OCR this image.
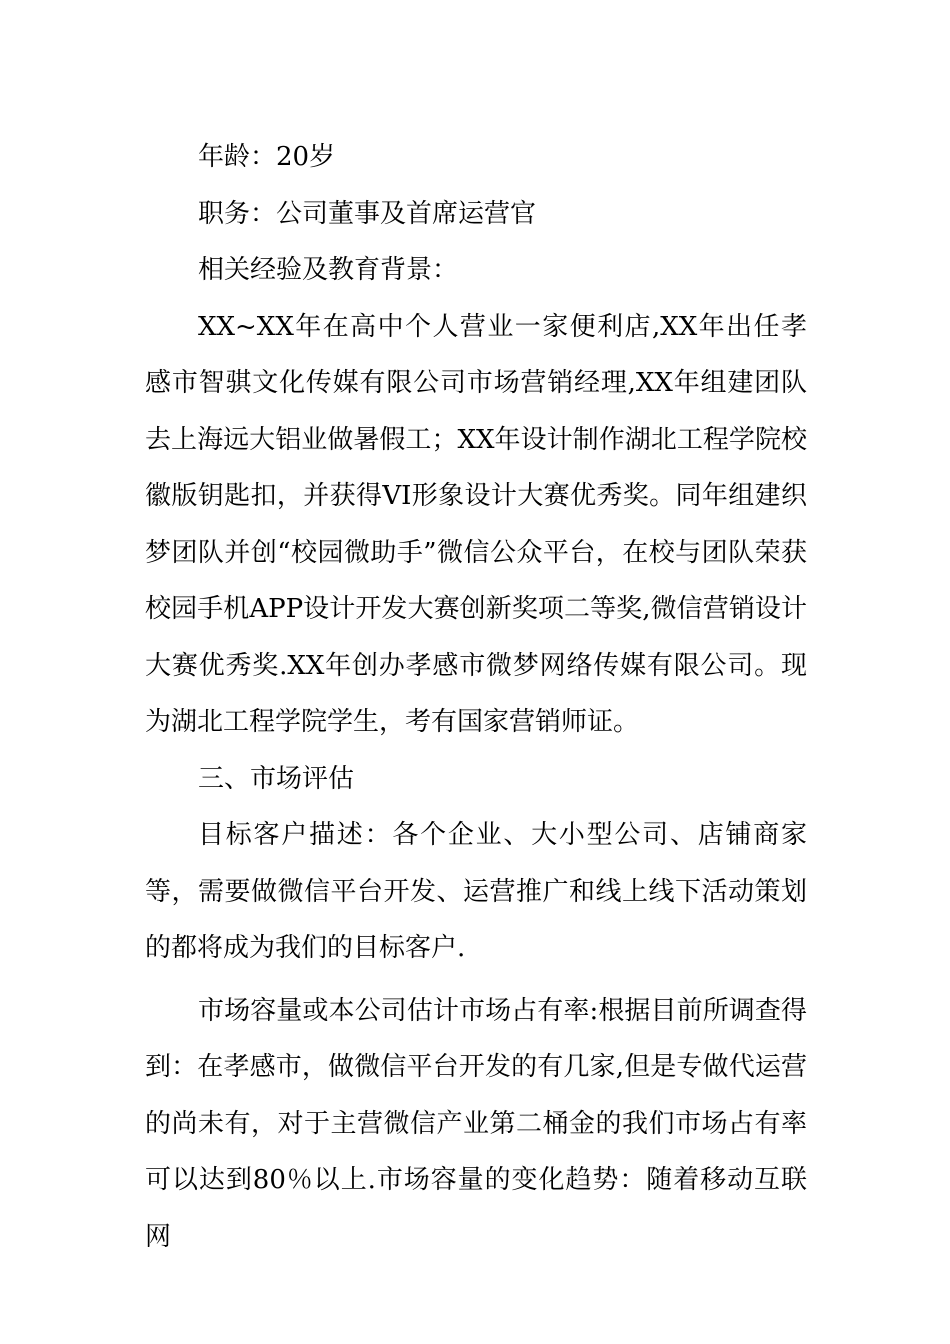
年龄：20岁

职务：公司董事及首席运营官

相关经验及教育背景：

XX~XX年在高中个人营业一家便利店,XX年出任孝感市智骐文化传媒有限公司市场营销经理,XX年组建团队去上海远大铝业做暑假工；XX年设计制作湖北工程学院校徽版钥匙扣，并获得VI形象设计大赛优秀奖。同年组建织梦团队并创“校园微助手”微信公众平台，在校与团队荣获校园手机APP设计开发大赛创新奖项二等奖,微信营销设计大赛优秀奖.XX年创办孝感市微梦网络传媒有限公司。现为湖北工程学院学生，考有国家营销师证。

三、市场评估

目标客户描述：各个企业、大小型公司、店铺商家等，需要做微信平台开发、运营推广和线上线下活动策划的都将成为我们的目标客户.

市场容量或本公司估计市场占有率:根据目前所调查得到：在孝感市，做微信平台开发的有几家,但是专做代运营的尚未有，对于主营微信产业第二桶金的我们市场占有率可以达到80％以上.市场容量的变化趋势：随着移动互联网
